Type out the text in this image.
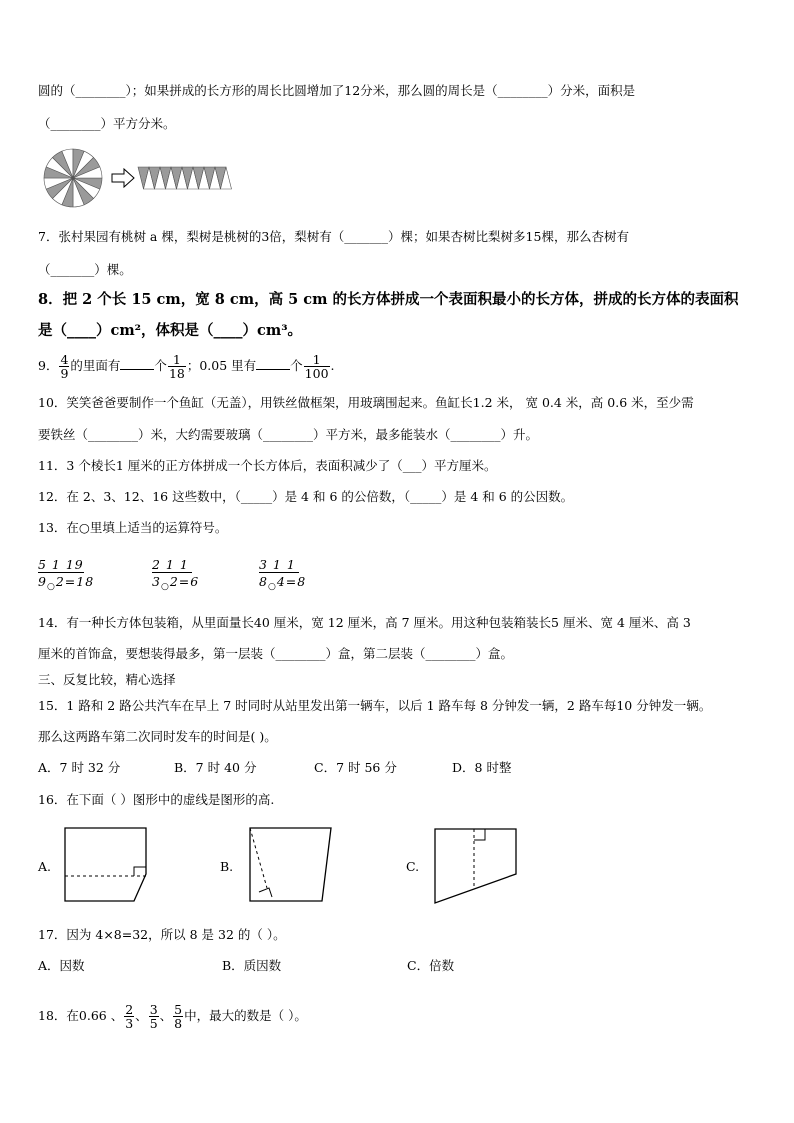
圆的（________）；如果拼成的长方形的周长比圆增加了12分米，那么圆的周长是（________）分米，面积是
（________）平方分米。
7．张村果园有桃树 a 棵，梨树是桃树的3倍，梨树有（_______）棵；如果杏树比梨树多15棵，那么杏树有
（_______）棵。
8．把 2 个长 15 cm，宽 8 cm，高 5 cm 的长方体拼成一个表面积最小的长方体，拼成的长方体的表面积
是（____）cm²，体积是（____）cm³。
9． $\frac{4}{9}$ 的里面有	个 $\frac{1}{18}$ ；0.05 里有	个 $\frac{1}{100}$ .
10．笑笑爸爸要制作一个鱼缸（无盖），用铁丝做框架，用玻璃围起来。鱼缸长1.2 米， 宽 0.4 米，高 0.6 米，至少需
要铁丝（________）米，大约需要玻璃（________）平方米，最多能装水（________）升。
11．3 个棱长1 厘米的正方体拼成一个长方体后，表面积减少了（___）平方厘米。
12．在 2、3、12、16 这些数中，（_____）是 4 和 6 的公倍数，（_____）是 4 和 6 的公因数。
13．在○里填上适当的运算符号。
5 1 19
$9_○2=18$
2 1 1
$3_○2=6$
3 1 1
$8_○4=8$
14．有一种长方体包装箱，从里面量长40 厘米，宽 12 厘米，高 7 厘米。用这种包装箱装长5 厘米、宽 4 厘米、高 3
厘米的首饰盒，要想装得最多，第一层装（________）盒，第二层装（________）盒。
三、反复比较，精心选择
15．1 路和 2 路公共汽车在早上 7 时同时从站里发出第一辆车，以后 1 路车每 8 分钟发一辆，2 路车每10 分钟发一辆。
那么这两路车第二次同时发车的时间是( )。
A．7 时 32 分	B．7 时 40 分	C．7 时 56 分	D．8 时整
16．在下面（ ）图形中的虚线是图形的高.
A.	B.	C.
17．因为 4×8=32，所以 8 是 32 的（ ）。
A．因数	B．质因数	C．倍数
18．在0.66 、 $\frac{2}{3}$ 、 $\frac{3}{5}$ 、 $\frac{5}{8}$ 中，最大的数是（ ）。
